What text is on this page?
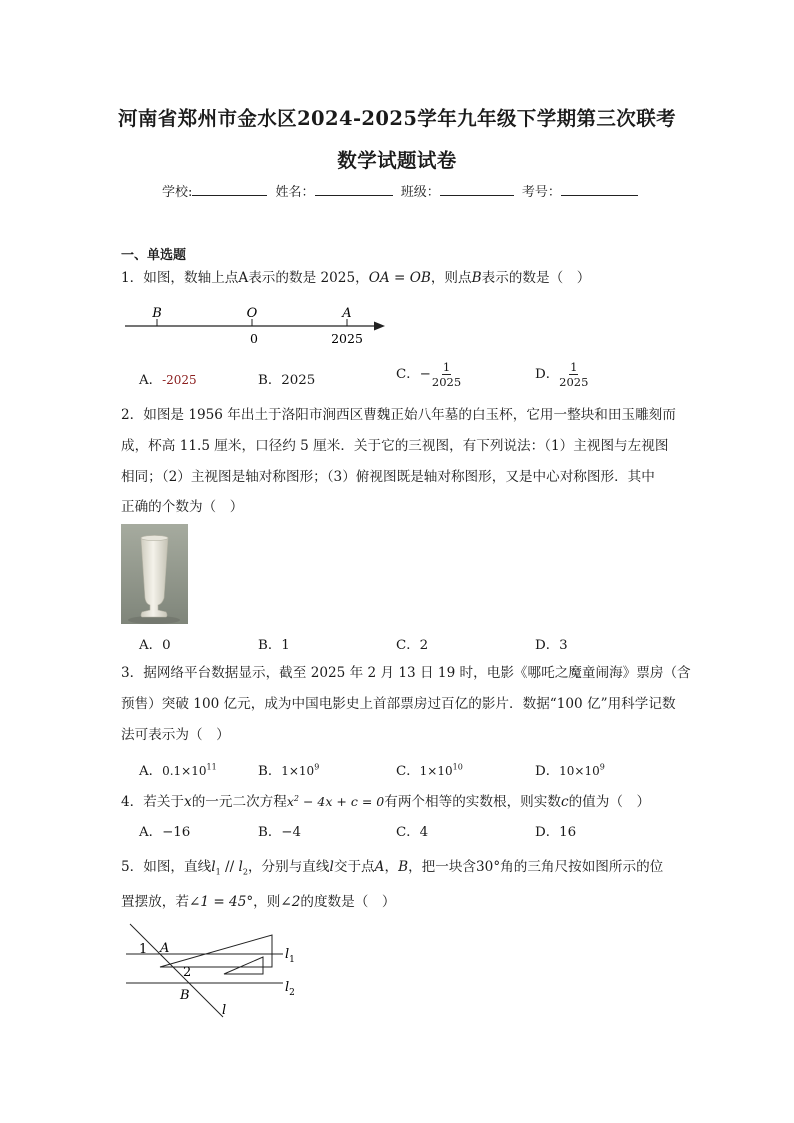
河南省郑州市金水区2024-2025学年九年级下学期第三次联考
数学试题试卷
学校:	姓名：	班级：	考号：
一、单选题
1．如图，数轴上点A表示的数是 2025，OA = OB，则点B表示的数是（　）
B	O	A
0	2025
A．-2025	B．2025	C．− $\frac{1}{2025}$	D． $\frac{1}{2025}$
2．如图是 1956 年出土于洛阳市涧西区曹魏正始八年墓的白玉杯，它用一整块和田玉雕刻而
成，杯高 11.5 厘米，口径约 5 厘米．关于它的三视图，有下列说法：（1）主视图与左视图
相同；（2）主视图是轴对称图形；（3）俯视图既是轴对称图形，又是中心对称图形．其中
正确的个数为（　）
A．0	B．1	C．2	D．3
3．据网络平台数据显示，截至 2025 年 2 月 13 日 19 时，电影《哪吒之魔童闹海》票房（含
预售）突破 100 亿元，成为中国电影史上首部票房过百亿的影片．数据“100 亿”用科学记数
法可表示为（　）
A．$0.1\times 10^{11}$	B．$1\times 10^9$	C．$1\times 10^{10}$	D．$10\times 10^9$
4．若关于x的一元二次方程$x^2 - 4x + c = 0$有两个相等的实数根，则实数c的值为（　）
A．−16	B．−4	C．4	D．16
5．如图，直线$l_1 // l_2$，分别与直线l交于点A，B，把一块含30°角的三角尺按如图所示的位
置摆放，若∠1 = 45°，则∠2的度数是（　）
1 A
2
B
l
$l_1$
$l_2$
